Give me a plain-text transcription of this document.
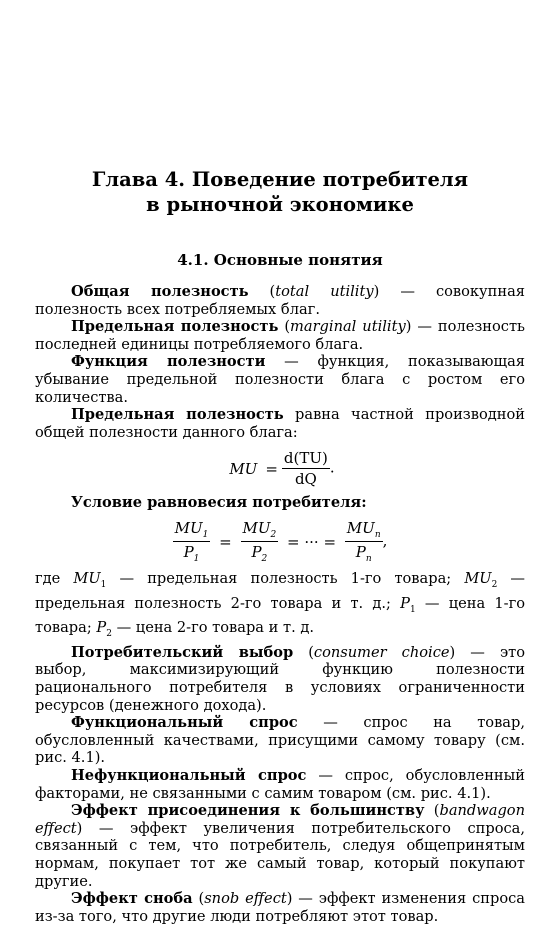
Глава 4. Поведение потребителя
в рыночной экономике
4.1. Основные понятия

Общая полезность (total utility) — совокупная полезность всех потребляемых благ.

Предельная полезность (marginal utility) — полезность последней единицы потребляемого блага.

Функция полезности — функция, показывающая убывание предельной полезности блага с ростом его количества.

Предельная полезность равна частной производной общей полезности данного блага:

MU = $\frac{d(TU)}{dQ}$ .
Условие равновесия потребителя:
$\frac{MU_1}{P_1} = \frac{MU_2}{P_2}$ = ··· = $\frac{MU_n}{P_n}$ ,

где $MU_1$ — предельная полезность 1-го товара; $MU_2$ — предельная полезность 2-го товара и т. д.; $P_1$ — цена 1-го товара; $P_2$ — цена 2-го товара и т. д.

Потребительский выбор (consumer choice) — это выбор, максимизирующий функцию полезности рационального потребителя в условиях ограниченности ресурсов (денежного дохода).

Функциональный спрос — спрос на товар, обусловленный качествами, присущими самому товару (см. рис. 4.1).

Нефункциональный спрос — спрос, обусловленный факторами, не связанными с самим товаром (см. рис. 4.1).

Эффект присоединения к большинству (bandwagon effect) — эффект увеличения потребительского спроса, связанный с тем, что потребитель, следуя общепринятым нормам, покупает тот же самый товар, который покупают другие.

Эффект сноба (snob effect) — эффект изменения спроса из-за того, что другие люди потребляют этот товар.
